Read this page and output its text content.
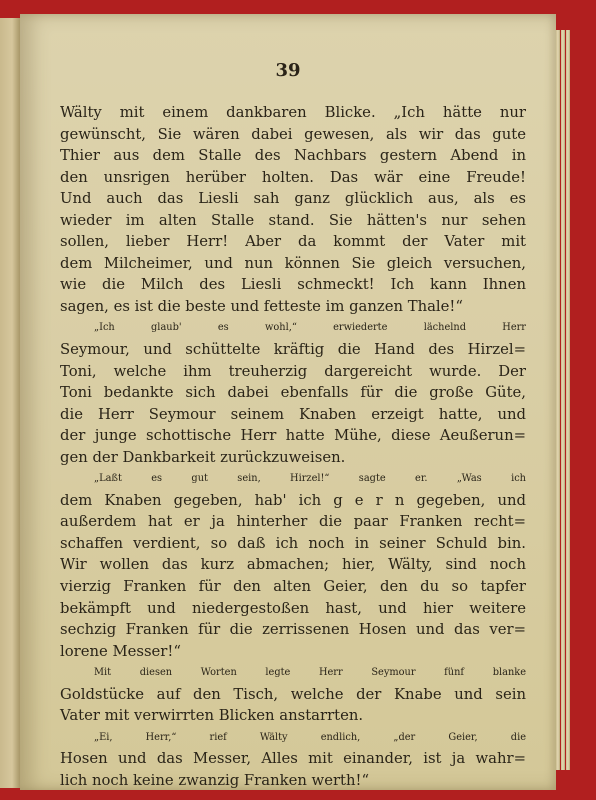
39
Wälty mit einem dankbaren Blicke. „Ich hätte nur
gewünscht, Sie wären dabei gewesen, als wir das gute
Thier aus dem Stalle des Nachbars gestern Abend in
den unsrigen herüber holten. Das wär eine Freude!
Und auch das Liesli sah ganz glücklich aus, als es
wieder im alten Stalle stand. Sie hätten's nur sehen
sollen, lieber Herr! Aber da kommt der Vater mit
dem Milcheimer, und nun können Sie gleich versuchen,
wie die Milch des Liesli schmeckt! Ich kann Ihnen
sagen, es ist die beste und fetteste im ganzen Thale!“
„Ich glaub' es wohl,“ erwiederte lächelnd Herr
Seymour, und schüttelte kräftig die Hand des Hirzel=
Toni, welche ihm treuherzig dargereicht wurde. Der
Toni bedankte sich dabei ebenfalls für die große Güte,
die Herr Seymour seinem Knaben erzeigt hatte, und
der junge schottische Herr hatte Mühe, diese Aeußerun=
gen der Dankbarkeit zurückzuweisen.
„Laßt es gut sein, Hirzel!“ sagte er. „Was ich
dem Knaben gegeben, hab' ich g e r n gegeben, und
außerdem hat er ja hinterher die paar Franken recht=
schaffen verdient, so daß ich noch in seiner Schuld bin.
Wir wollen das kurz abmachen; hier, Wälty, sind noch
vierzig Franken für den alten Geier, den du so tapfer
bekämpft und niedergestoßen hast, und hier weitere
sechzig Franken für die zerrissenen Hosen und das ver=
lorene Messer!“
Mit diesen Worten legte Herr Seymour fünf blanke
Goldstücke auf den Tisch, welche der Knabe und sein
Vater mit verwirrten Blicken anstarrten.
„Ei, Herr,“ rief Wälty endlich, „der Geier, die
Hosen und das Messer, Alles mit einander, ist ja wahr=
lich noch keine zwanzig Franken werth!“
